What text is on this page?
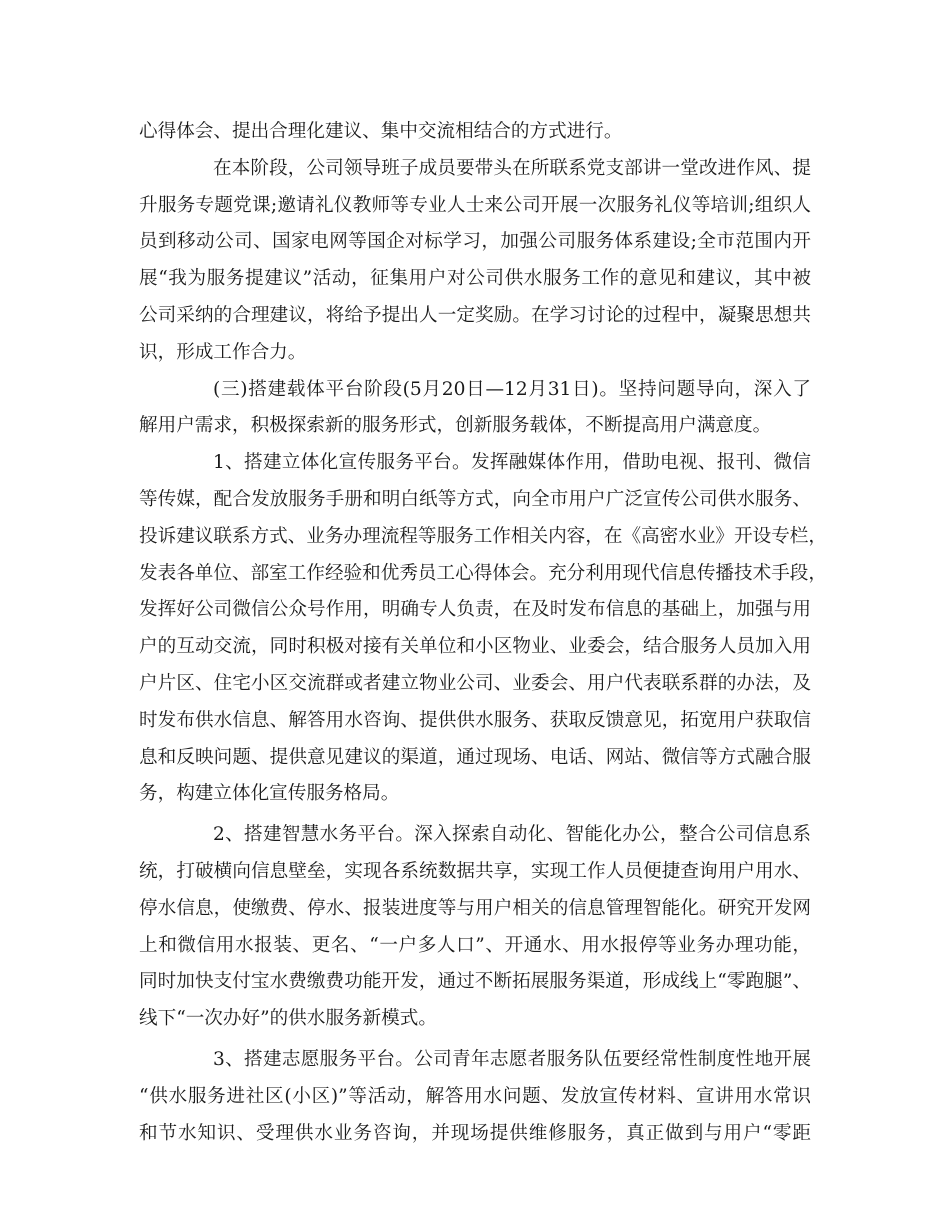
心得体会、提出合理化建议、集中交流相结合的方式进行。
在本阶段，公司领导班子成员要带头在所联系党支部讲一堂改进作风、提
升服务专题党课;邀请礼仪教师等专业人士来公司开展一次服务礼仪等培训;组织人
员到移动公司、国家电网等国企对标学习，加强公司服务体系建设;全市范围内开
展“我为服务提建议”活动，征集用户对公司供水服务工作的意见和建议，其中被
公司采纳的合理建议，将给予提出人一定奖励。在学习讨论的过程中，凝聚思想共
识，形成工作合力。
(三)搭建载体平台阶段(5月20日—12月31日)。坚持问题导向，深入了
解用户需求，积极探索新的服务形式，创新服务载体，不断提高用户满意度。
1、搭建立体化宣传服务平台。发挥融媒体作用，借助电视、报刊、微信
等传媒，配合发放服务手册和明白纸等方式，向全市用户广泛宣传公司供水服务、
投诉建议联系方式、业务办理流程等服务工作相关内容，在《高密水业》开设专栏，
发表各单位、部室工作经验和优秀员工心得体会。充分利用现代信息传播技术手段，
发挥好公司微信公众号作用，明确专人负责，在及时发布信息的基础上，加强与用
户的互动交流，同时积极对接有关单位和小区物业、业委会，结合服务人员加入用
户片区、住宅小区交流群或者建立物业公司、业委会、用户代表联系群的办法，及
时发布供水信息、解答用水咨询、提供供水服务、获取反馈意见，拓宽用户获取信
息和反映问题、提供意见建议的渠道，通过现场、电话、网站、微信等方式融合服
务，构建立体化宣传服务格局。
2、搭建智慧水务平台。深入探索自动化、智能化办公，整合公司信息系
统，打破横向信息壁垒，实现各系统数据共享，实现工作人员便捷查询用户用水、
停水信息，使缴费、停水、报装进度等与用户相关的信息管理智能化。研究开发网
上和微信用水报装、更名、“一户多人口”、开通水、用水报停等业务办理功能，
同时加快支付宝水费缴费功能开发，通过不断拓展服务渠道，形成线上“零跑腿”、
线下“一次办好”的供水服务新模式。
3、搭建志愿服务平台。公司青年志愿者服务队伍要经常性制度性地开展
“供水服务进社区(小区)”等活动，解答用水问题、发放宣传材料、宣讲用水常识
和节水知识、受理供水业务咨询，并现场提供维修服务，真正做到与用户“零距
